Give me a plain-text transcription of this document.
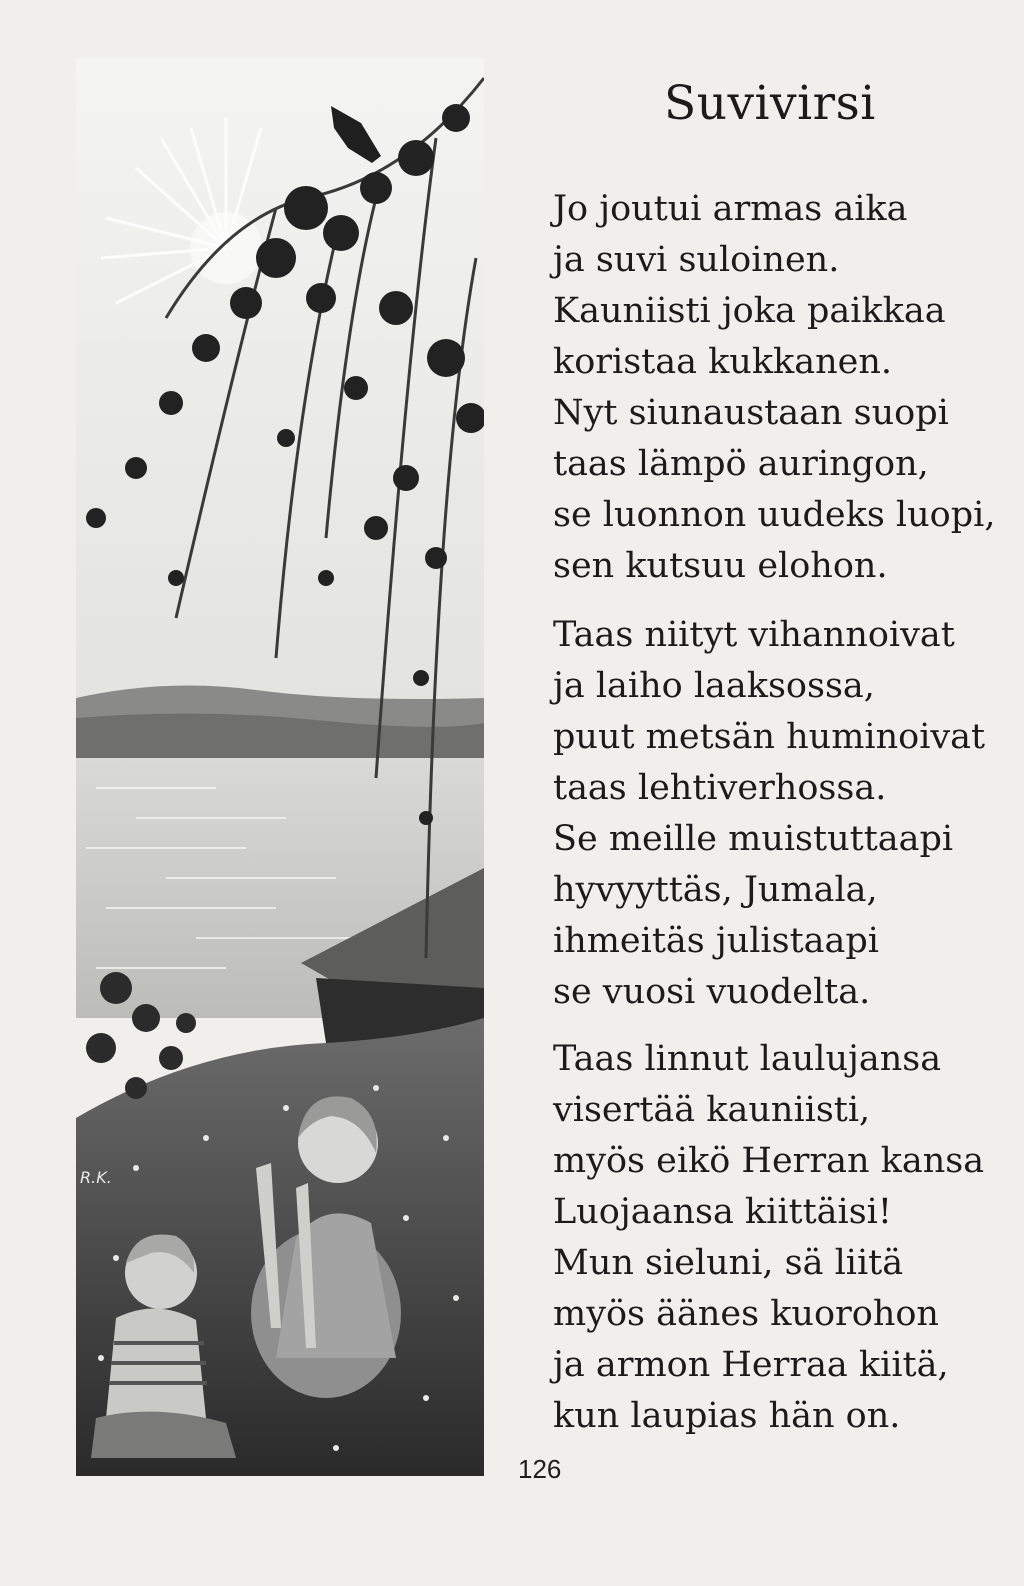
R.K.
Suvivirsi
Jo joutui armas aika
ja suvi suloinen.
Kauniisti joka paikkaa
koristaa kukkanen.
Nyt siunaustaan suopi
taas lämpö auringon,
se luonnon uudeks luopi,
sen kutsuu elohon.
Taas niityt vihannoivat
ja laiho laaksossa,
puut metsän huminoivat
taas lehtiverhossa.
Se meille muistuttaapi
hyvyyttäs, Jumala,
ihmeitäs julistaapi
se vuosi vuodelta.
Taas linnut laulujansa
visertää kauniisti,
myös eikö Herran kansa
Luojaansa kiittäisi!
Mun sieluni, sä liitä
myös äänes kuorohon
ja armon Herraa kiitä,
kun laupias hän on.
126
